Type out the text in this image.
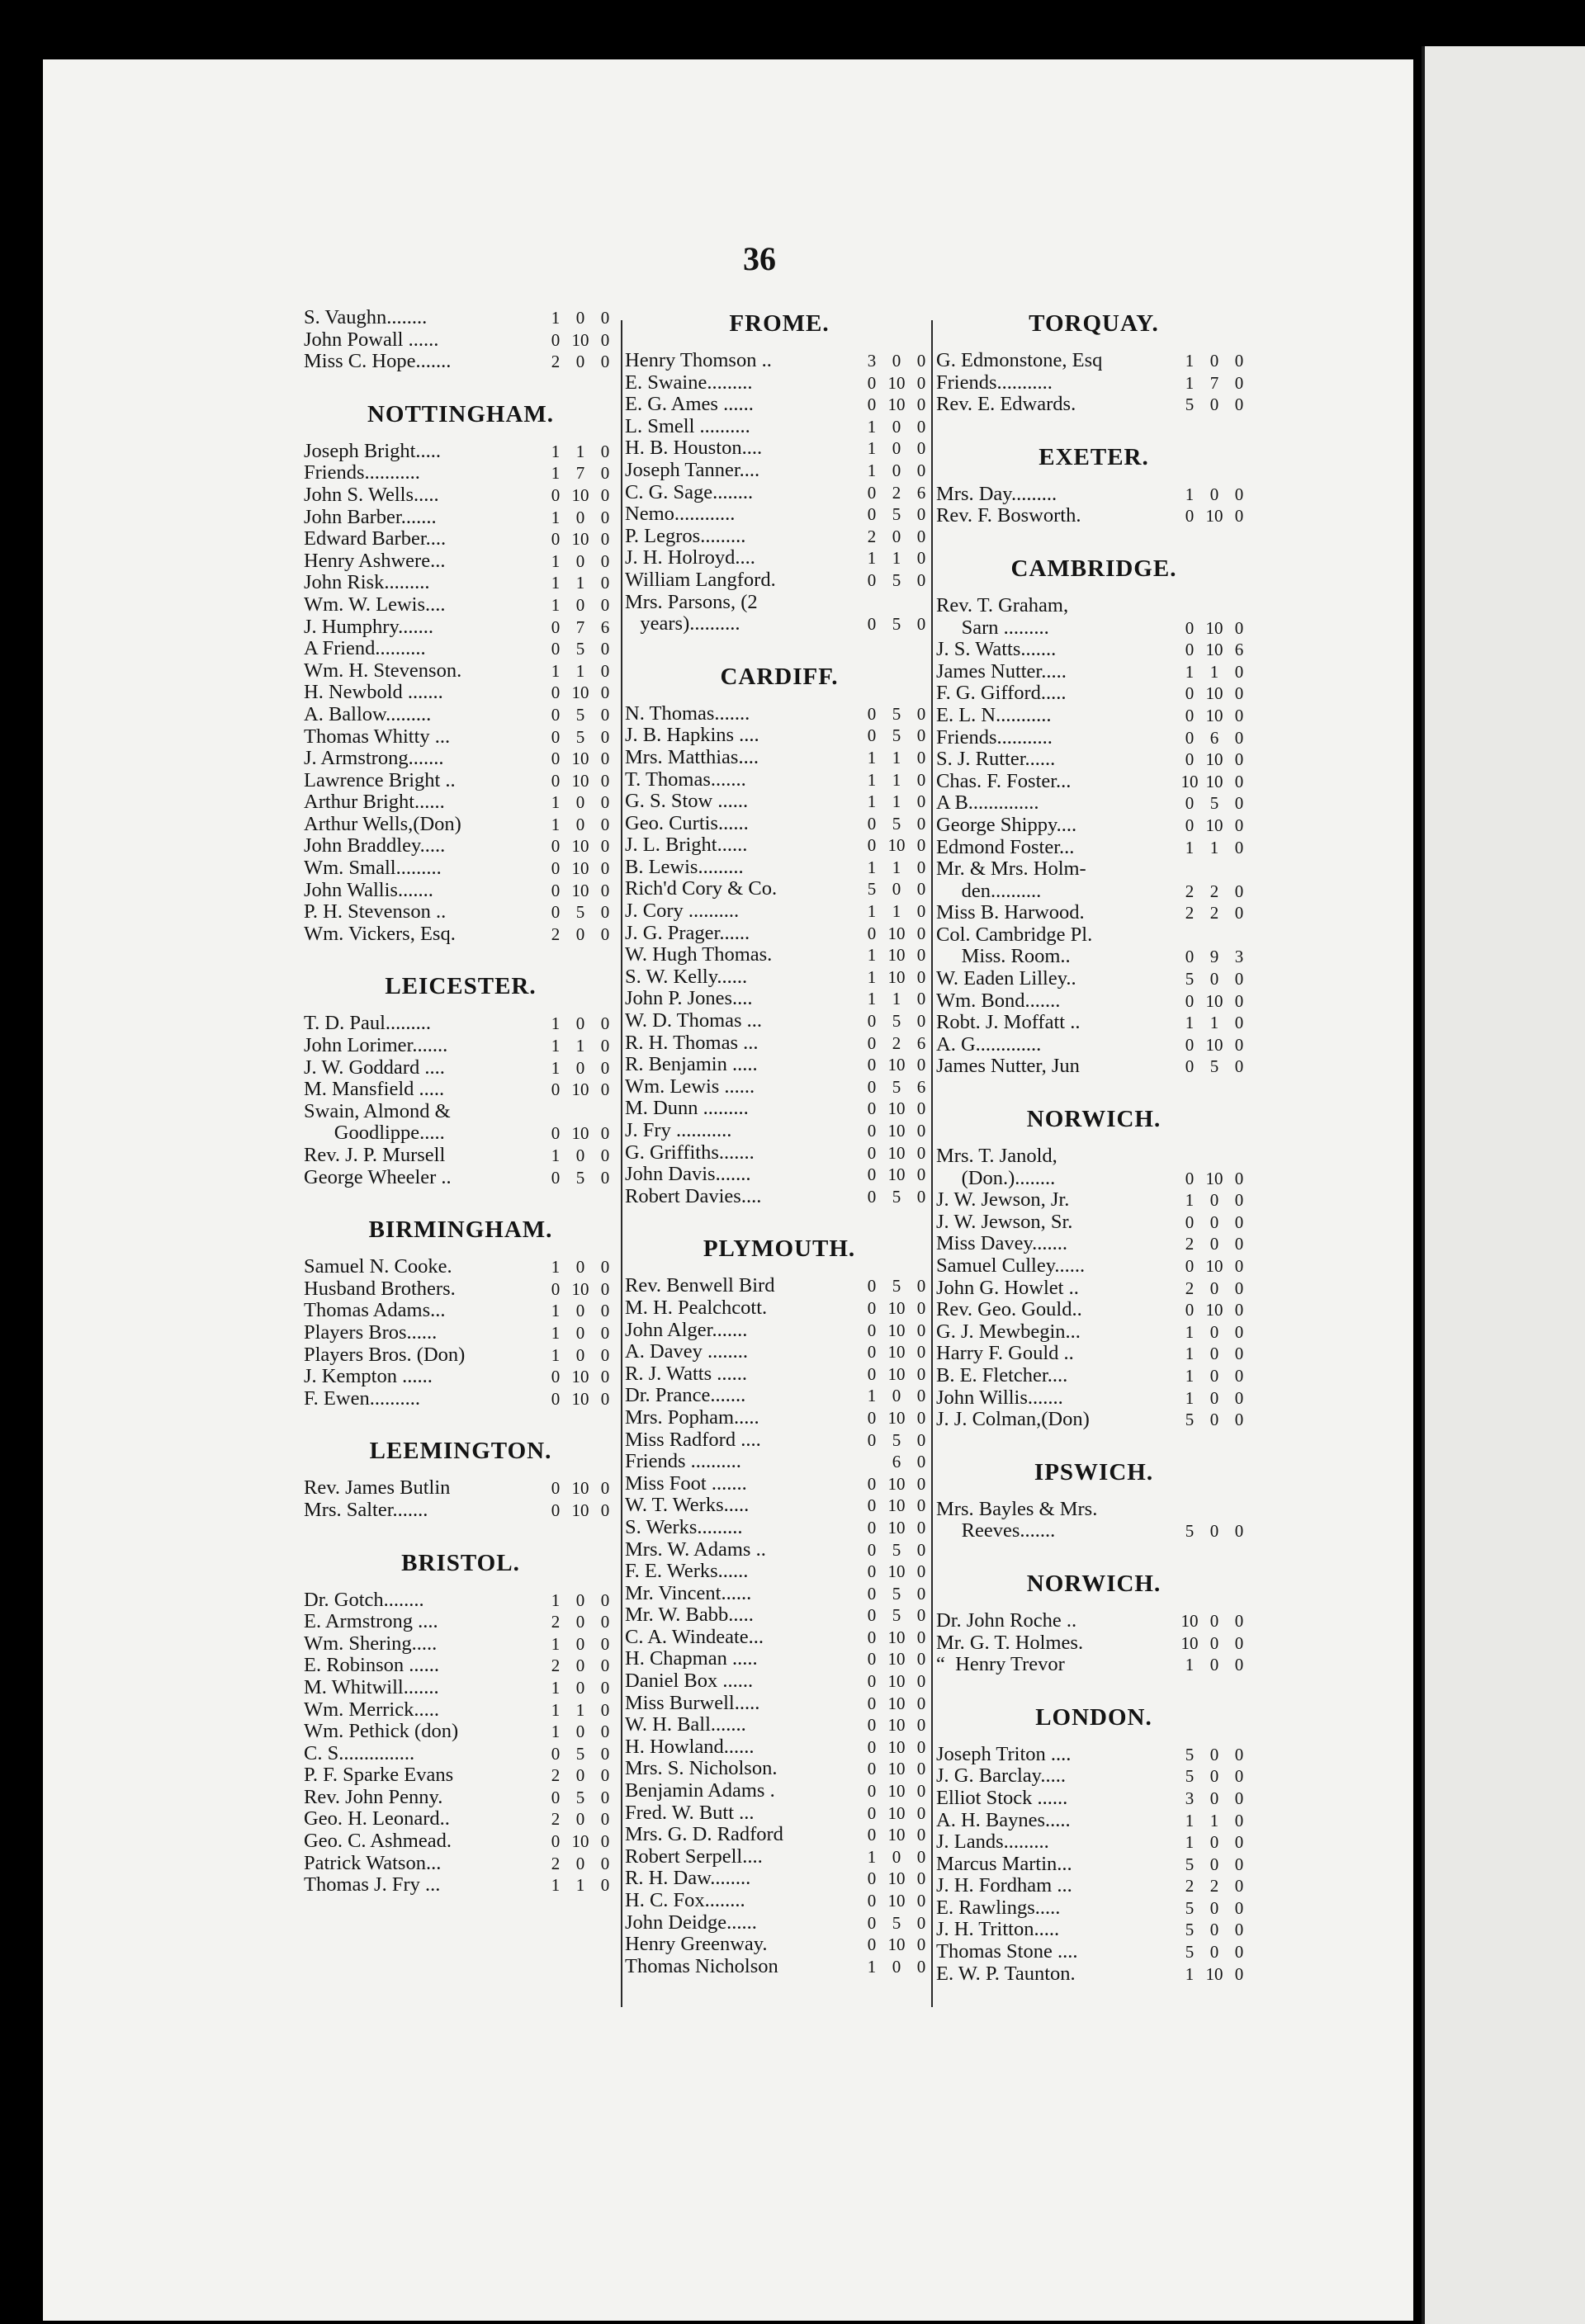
36
S. Vaughn........	1 0 0
John Powall ......	0 10 0
Miss C. Hope.......	2 0 0
NOTTINGHAM.
Joseph Bright.....	1 1 0
Friends...........	1 7 0
John S. Wells.....	0 10 0
John Barber.......	1 0 0
Edward Barber....	0 10 0
Henry Ashwere...	1 0 0
John Risk.........	1 1 0
Wm. W. Lewis....	1 0 0
J. Humphry.......	0 7 6
A Friend..........	0 5 0
Wm. H. Stevenson.	1 1 0
H. Newbold .......	0 10 0
A. Ballow.........	0 5 0
Thomas Whitty ...	0 5 0
J. Armstrong.......	0 10 0
Lawrence Bright ..	0 10 0
Arthur Bright......	1 0 0
Arthur Wells,(Don)	1 0 0
John Braddley.....	0 10 0
Wm. Small.........	0 10 0
John Wallis.......	0 10 0
P. H. Stevenson ..	0 5 0
Wm. Vickers, Esq.	2 0 0
LEICESTER.
T. D. Paul.........	1 0 0
John Lorimer.......	1 1 0
J. W. Goddard ....	1 0 0
M. Mansfield .....	0 10 0
Swain, Almond &
Goodlippe.....	0 10 0
Rev. J. P. Mursell	1 0 0
George Wheeler ..	0 5 0
BIRMINGHAM.
Samuel N. Cooke.	1 0 0
Husband Brothers.	0 10 0
Thomas Adams...	1 0 0
Players Bros......	1 0 0
Players Bros. (Don)	1 0 0
J. Kempton ......	0 10 0
F. Ewen..........	0 10 0
LEEMINGTON.
Rev. James Butlin	0 10 0
Mrs. Salter.......	0 10 0
BRISTOL.
Dr. Gotch........	1 0 0
E. Armstrong ....	2 0 0
Wm. Shering.....	1 0 0
E. Robinson ......	2 0 0
M. Whitwill.......	1 0 0
Wm. Merrick.....	1 1 0
Wm. Pethick (don)	1 0 0
C. S...............	0 5 0
P. F. Sparke Evans	2 0 0
Rev. John Penny.	0 5 0
Geo. H. Leonard..	2 0 0
Geo. C. Ashmead.	0 10 0
Patrick Watson...	2 0 0
Thomas J. Fry ...	1 1 0
FROME.
Henry Thomson ..	3 0 0
E. Swaine.........	0 10 0
E. G. Ames ......	0 10 0
L. Smell ..........	1 0 0
H. B. Houston....	1 0 0
Joseph Tanner....	1 0 0
C. G. Sage........	0 2 6
Nemo............	0 5 0
P. Legros.........	2 0 0
J. H. Holroyd....	1 1 0
William Langford.	0 5 0
Mrs. Parsons, (2
years)..........	0 5 0
CARDIFF.
N. Thomas.......	0 5 0
J. B. Hapkins ....	0 5 0
Mrs. Matthias....	1 1 0
T. Thomas.......	1 1 0
G. S. Stow ......	1 1 0
Geo. Curtis......	0 5 0
J. L. Bright......	0 10 0
B. Lewis.........	1 1 0
Rich'd Cory & Co.	5 0 0
J. Cory ..........	1 1 0
J. G. Prager......	0 10 0
W. Hugh Thomas.	1 10 0
S. W. Kelly......	1 10 0
John P. Jones....	1 1 0
W. D. Thomas ...	0 5 0
R. H. Thomas ...	0 2 6
R. Benjamin .....	0 10 0
Wm. Lewis ......	0 5 6
M. Dunn .........	0 10 0
J. Fry ...........	0 10 0
G. Griffiths.......	0 10 0
John Davis.......	0 10 0
Robert Davies....	0 5 0
PLYMOUTH.
Rev. Benwell Bird	0 5 0
M. H. Pealchcott.	0 10 0
John Alger.......	0 10 0
A. Davey ........	0 10 0
R. J. Watts ......	0 10 0
Dr. Prance.......	1 0 0
Mrs. Popham.....	0 10 0
Miss Radford ....	0 5 0
Friends ..........	6 0
Miss Foot .......	0 10 0
W. T. Werks.....	0 10 0
S. Werks.........	0 10 0
Mrs. W. Adams ..	0 5 0
F. E. Werks......	0 10 0
Mr. Vincent......	0 5 0
Mr. W. Babb.....	0 5 0
C. A. Windeate...	0 10 0
H. Chapman .....	0 10 0
Daniel Box ......	0 10 0
Miss Burwell.....	0 10 0
W. H. Ball.......	0 10 0
H. Howland......	0 10 0
Mrs. S. Nicholson.	0 10 0
Benjamin Adams .	0 10 0
Fred. W. Butt ...	0 10 0
Mrs. G. D. Radford	0 10 0
Robert Serpell....	1 0 0
R. H. Daw........	0 10 0
H. C. Fox........	0 10 0
John Deidge......	0 5 0
Henry Greenway.	0 10 0
Thomas Nicholson	1 0 0
TORQUAY.
G. Edmonstone, Esq	1 0 0
Friends...........	1 7 0
Rev. E. Edwards.	5 0 0
EXETER.
Mrs. Day.........	1 0 0
Rev. F. Bosworth.	0 10 0
CAMBRIDGE.
Rev. T. Graham,
Sarn .........	0 10 0
J. S. Watts.......	0 10 6
James Nutter.....	1 1 0
F. G. Gifford.....	0 10 0
E. L. N...........	0 10 0
Friends...........	0 6 0
S. J. Rutter......	0 10 0
Chas. F. Foster...	10 10 0
A B..............	0 5 0
George Shippy....	0 10 0
Edmond Foster...	1 1 0
Mr. & Mrs. Holm-
den..........	2 2 0
Miss B. Harwood.	2 2 0
Col. Cambridge Pl.
Miss. Room..	0 9 3
W. Eaden Lilley..	5 0 0
Wm. Bond.......	0 10 0
Robt. J. Moffatt ..	1 1 0
A. G.............	0 10 0
James Nutter, Jun	0 5 0
NORWICH.
Mrs. T. Janold,
(Don.)........	0 10 0
J. W. Jewson, Jr.	1 0 0
J. W. Jewson, Sr.	0 0 0
Miss Davey.......	2 0 0
Samuel Culley......	0 10 0
John G. Howlet ..	2 0 0
Rev. Geo. Gould..	0 10 0
G. J. Mewbegin...	1 0 0
Harry F. Gould ..	1 0 0
B. E. Fletcher....	1 0 0
John Willis.......	1 0 0
J. J. Colman,(Don)	5 0 0
IPSWICH.
Mrs. Bayles & Mrs.
Reeves.......	5 0 0
NORWICH.
Dr. John Roche ..	10 0 0
Mr. G. T. Holmes.	10 0 0
“  Henry Trevor	1 0 0
LONDON.
Joseph Triton ....	5 0 0
J. G. Barclay.....	5 0 0
Elliot Stock ......	3 0 0
A. H. Baynes.....	1 1 0
J. Lands.........	1 0 0
Marcus Martin...	5 0 0
J. H. Fordham ...	2 2 0
E. Rawlings.....	5 0 0
J. H. Tritton.....	5 0 0
Thomas Stone ....	5 0 0
E. W. P. Taunton.	1 10 0
